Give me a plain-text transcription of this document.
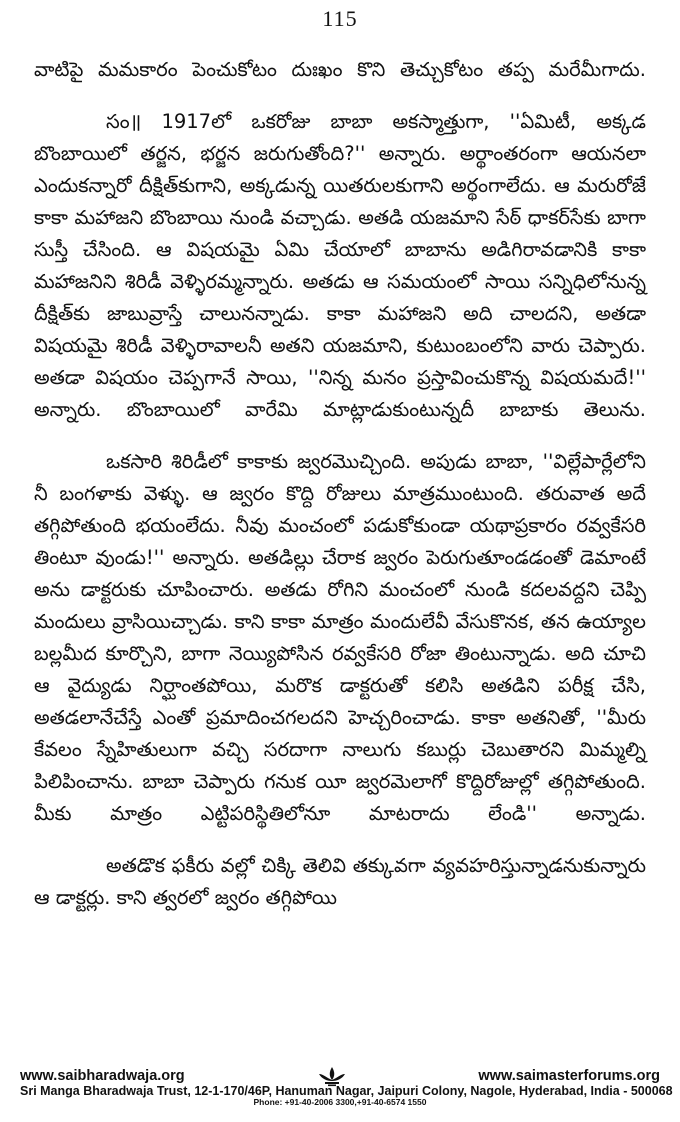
115

వాటిపై మమకారం పెంచుకోటం దుఃఖం కొని తెచ్చుకోటం తప్ప మరేమీగాదు.

సం॥ 1917లో ఒకరోజు బాబా అకస్మాత్తుగా, ''ఏమిటీ, అక్కడ బొంబాయిలో తర్జన, భర్జన జరుగుతోంది?'' అన్నారు. అర్థాంతరంగా ఆయనలా ఎందుకన్నారో దీక్షిత్‌కుగాని, అక్కడున్న యితరులకుగాని అర్థంగాలేదు. ఆ మరురోజే కాకా మహాజని బొంబాయి నుండి వచ్చాడు. అతడి యజమాని సేఠ్ ధాకర్‌సేకు బాగా సుస్తీ చేసింది. ఆ విషయమై ఏమి చేయాలో బాబాను అడిగిరావడానికి కాకా మహాజనిని శిరిడీ వెళ్ళిరమ్మన్నారు. అతడు ఆ సమయంలో సాయి సన్నిధిలోనున్న దీక్షిత్‌కు జాబువ్రాస్తే చాలునన్నాడు. కాకా మహాజని అది చాలదని, అతడా విషయమై శిరిడీ వెళ్ళిరావాలనీ అతని యజమాని, కుటుంబంలోని వారు చెప్పారు. అతడా విషయం చెప్పగానే సాయి, ''నిన్న మనం ప్రస్తావించుకొన్న విషయమదే!'' అన్నారు. బొంబాయిలో వారేమి మాట్లాడుకుంటున్నదీ బాబాకు తెలును.

ఒకసారి శిరిడీలో కాకాకు జ్వరమొచ్చింది. అపుడు బాబా, ''విల్లేపార్లేలోని నీ బంగళాకు వెళ్ళు. ఆ జ్వరం కొద్ది రోజులు మాత్రముంటుంది. తరువాత అదే తగ్గిపోతుంది భయంలేదు. నీవు మంచంలో పడుకోకుండా యథాప్రకారం రవ్వకేసరి తింటూ వుండు!'' అన్నారు. అతడిల్లు చేరాక జ్వరం పెరుగుతూండడంతో డెమాంటే అను డాక్టరుకు చూపించారు. అతడు రోగిని మంచంలో నుండి కదలవద్దని చెప్పి మందులు వ్రాసియిచ్చాడు. కాని కాకా మాత్రం మందులేవీ వేసుకొనక, తన ఉయ్యాల బల్లమీద కూర్చొని, బాగా నెయ్యిపోసిన రవ్వకేసరి రోజా తింటున్నాడు. అది చూచి ఆ వైద్యుడు నిర్ఘాంతపోయి, మరొక డాక్టరుతో కలిసి అతడిని పరీక్ష చేసి, అతడలానేచేస్తే ఎంతో ప్రమాదించగలదని హెచ్చరించాడు. కాకా అతనితో, ''మీరు కేవలం స్నేహితులుగా వచ్చి సరదాగా నాలుగు కబుర్లు చెబుతారని మిమ్మల్ని పిలిపించాను. బాబా చెప్పారు గనుక యీ జ్వరమెలాగో కొద్దిరోజుల్లో తగ్గిపోతుంది. మీకు మాత్రం ఎట్టిపరిస్థితిలోనూ మాటరాదు లేండి'' అన్నాడు.

అతడొక ఫకీరు వల్లో చిక్కి తెలివి తక్కువగా వ్యవహరిస్తున్నాడనుకున్నారు ఆ డాక్టర్లు. కాని త్వరలో జ్వరం తగ్గిపోయి

www.saibharadwaja.org	www.saimasterforums.org
Sri Manga Bharadwaja Trust, 12-1-170/46P, Hanuman Nagar, Jaipuri Colony, Nagole, Hyderabad, India - 500068
Phone: +91-40-2006 3300,+91-40-6574 1550
